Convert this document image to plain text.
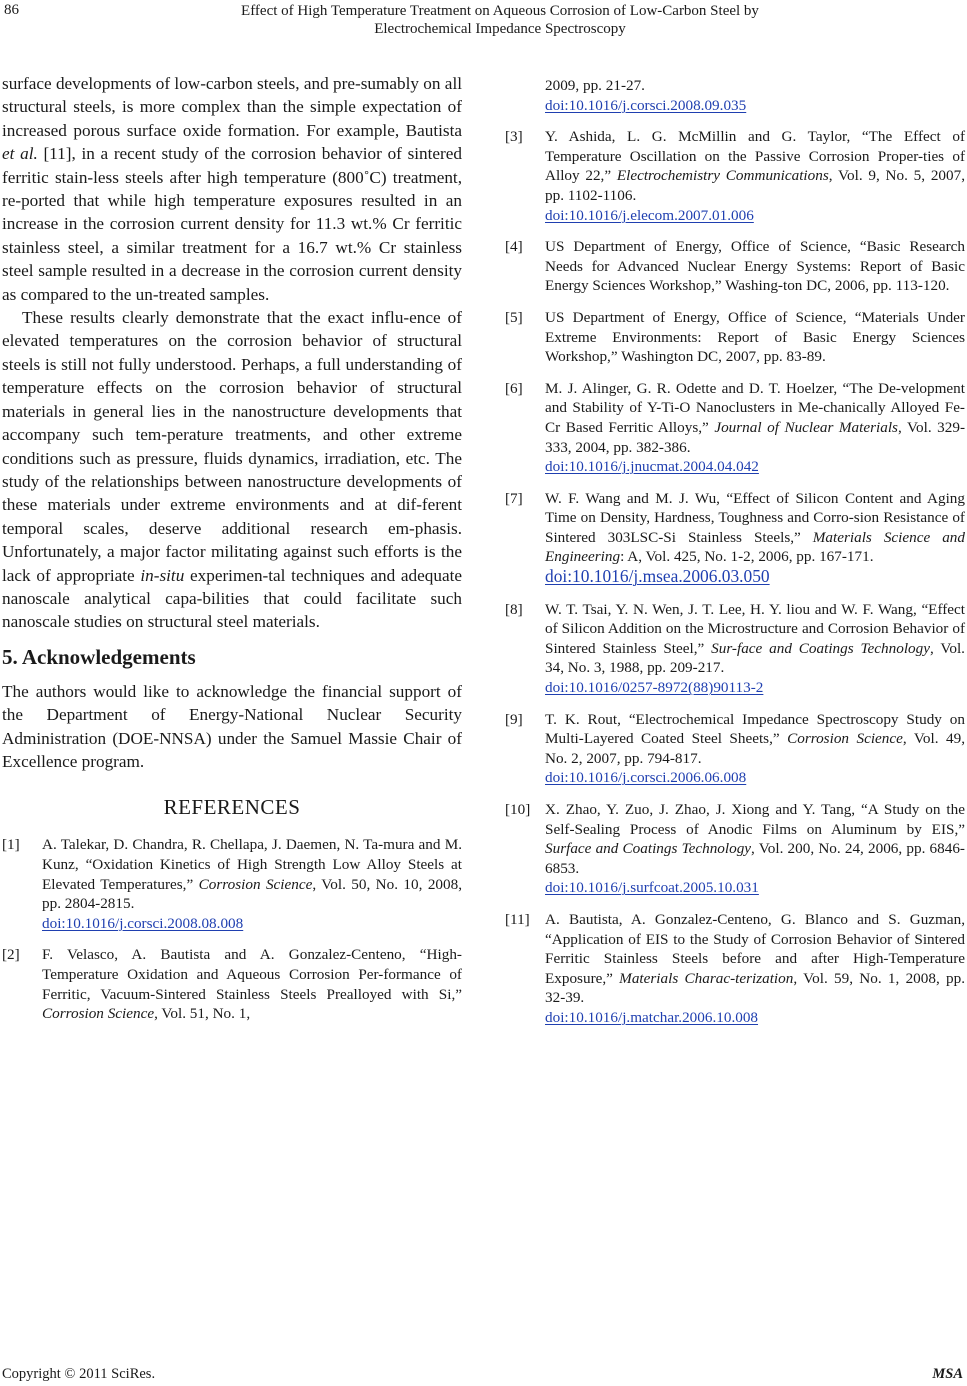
86	Effect of High Temperature Treatment on Aqueous Corrosion of Low-Carbon Steel by
Electrochemical Impedance Spectroscopy

surface developments of low-carbon steels, and pre-sumably on all structural steels, is more complex than the simple expectation of increased porous surface oxide formation. For example, Bautista et al. [11], in a recent study of the corrosion behavior of sintered ferritic stain-less steels after high temperature (800˚C) treatment, re-ported that while high temperature exposures resulted in an increase in the corrosion current density for 11.3 wt.% Cr ferritic stainless steel, a similar treatment for a 16.7 wt.% Cr stainless steel sample resulted in a decrease in the corrosion current density as compared to the un-treated samples.

These results clearly demonstrate that the exact influ-ence of elevated temperatures on the corrosion behavior of structural steels is still not fully understood. Perhaps, a full understanding of temperature effects on the corrosion behavior of structural materials in general lies in the nanostructure developments that accompany such tem-perature treatments, and other extreme conditions such as pressure, fluids dynamics, irradiation, etc. The study of the relationships between nanostructure developments of these materials under extreme environments and at dif-ferent temporal scales, deserve additional research em-phasis. Unfortunately, a major factor militating against such efforts is the lack of appropriate in-situ experimen-tal techniques and adequate nanoscale analytical capa-bilities that could facilitate such nanoscale studies on structural steel materials.

5. Acknowledgements

The authors would like to acknowledge the financial support of the Department of Energy-National Nuclear Security Administration (DOE-NNSA) under the Samuel Massie Chair of Excellence program.

REFERENCES
[1]	A. Talekar, D. Chandra, R. Chellapa, J. Daemen, N. Ta-mura and M. Kunz, “Oxidation Kinetics of High Strength Low Alloy Steels at Elevated Temperatures,” Corrosion Science, Vol. 50, No. 10, 2008, pp. 2804-2815.
doi:10.1016/j.corsci.2008.08.008
[2]	F. Velasco, A. Bautista and A. Gonzalez-Centeno, “High-Temperature Oxidation and Aqueous Corrosion Per-formance of Ferritic, Vacuum-Sintered Stainless Steels Prealloyed with Si,” Corrosion Science, Vol. 51, No. 1,
2009, pp. 21-27.
doi:10.1016/j.corsci.2008.09.035
[3]	Y. Ashida, L. G. McMillin and G. Taylor, “The Effect of Temperature Oscillation on the Passive Corrosion Proper-ties of Alloy 22,” Electrochemistry Communications, Vol. 9, No. 5, 2007, pp. 1102-1106.
doi:10.1016/j.elecom.2007.01.006
[4]	US Department of Energy, Office of Science, “Basic Research Needs for Advanced Nuclear Energy Systems: Report of Basic Energy Sciences Workshop,” Washing-ton DC, 2006, pp. 113-120.
[5]	US Department of Energy, Office of Science, “Materials Under Extreme Environments: Report of Basic Energy Sciences Workshop,” Washington DC, 2007, pp. 83-89.
[6]	M. J. Alinger, G. R. Odette and D. T. Hoelzer, “The De-velopment and Stability of Y-Ti-O Nanoclusters in Me-chanically Alloyed Fe-Cr Based Ferritic Alloys,” Journal of Nuclear Materials, Vol. 329-333, 2004, pp. 382-386.
doi:10.1016/j.jnucmat.2004.04.042
[7]	W. F. Wang and M. J. Wu, “Effect of Silicon Content and Aging Time on Density, Hardness, Toughness and Corro-sion Resistance of Sintered 303LSC-Si Stainless Steels,” Materials Science and Engineering: A, Vol. 425, No. 1-2, 2006, pp. 167-171.
doi:10.1016/j.msea.2006.03.050
[8]	W. T. Tsai, Y. N. Wen, J. T. Lee, H. Y. liou and W. F. Wang, “Effect of Silicon Addition on the Microstructure and Corrosion Behavior of Sintered Stainless Steel,” Sur-face and Coatings Technology, Vol. 34, No. 3, 1988, pp. 209-217.
doi:10.1016/0257-8972(88)90113-2
[9]	T. K. Rout, “Electrochemical Impedance Spectroscopy Study on Multi-Layered Coated Steel Sheets,” Corrosion Science, Vol. 49, No. 2, 2007, pp. 794-817.
doi:10.1016/j.corsci.2006.06.008
[10] X. Zhao, Y. Zuo, J. Zhao, J. Xiong and Y. Tang, “A Study on the Self-Sealing Process of Anodic Films on Aluminum by EIS,” Surface and Coatings Technology, Vol. 200, No. 24, 2006, pp. 6846-6853.
doi:10.1016/j.surfcoat.2005.10.031
[11]	A. Bautista, A. Gonzalez-Centeno, G. Blanco and S. Guzman, “Application of EIS to the Study of Corrosion Behavior of Sintered Ferritic Stainless Steels before and after High-Temperature Exposure,” Materials Charac-terization, Vol. 59, No. 1, 2008, pp. 32-39.
doi:10.1016/j.matchar.2006.10.008
Copyright © 2011 SciRes.	MSA
